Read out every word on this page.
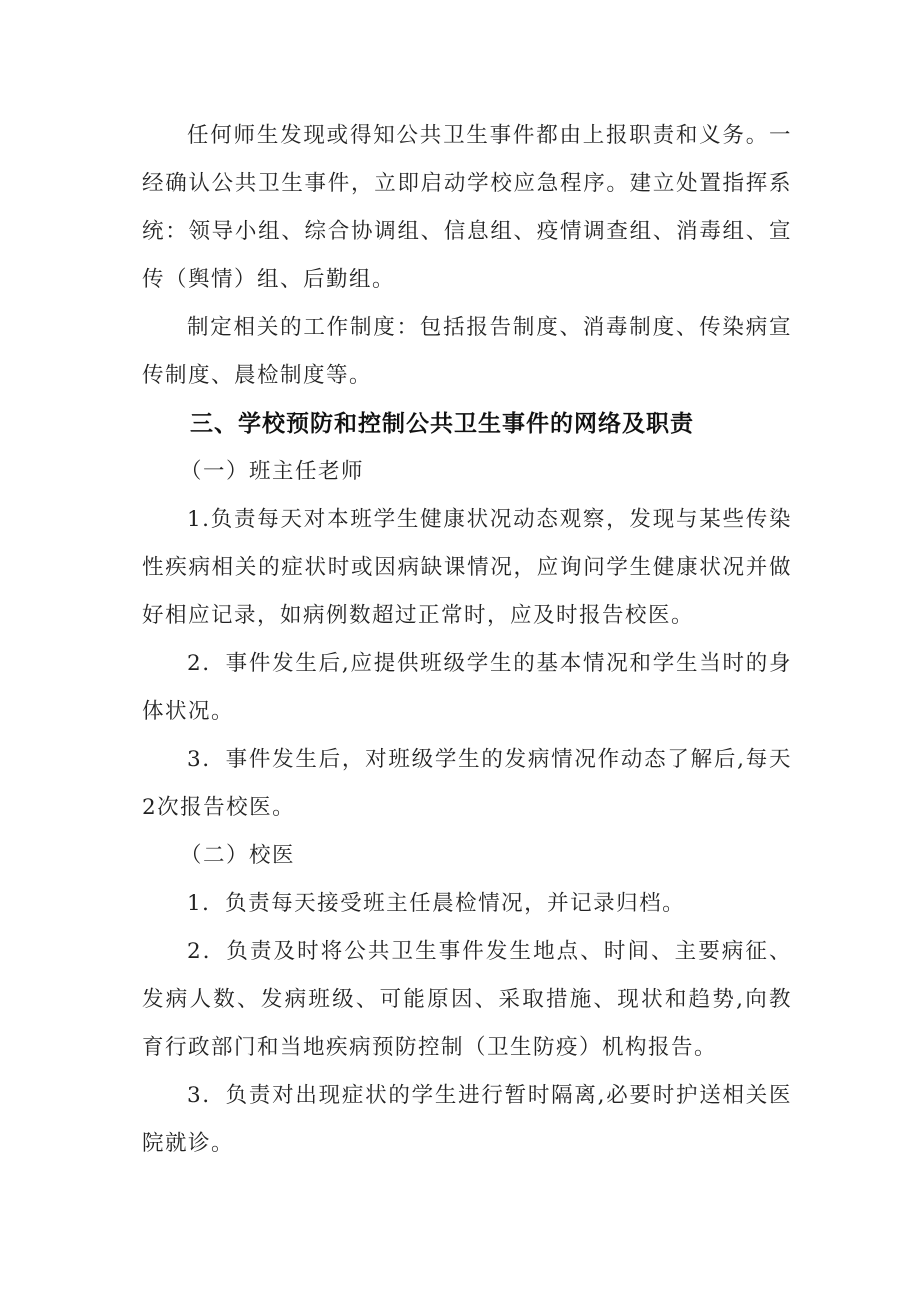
任何师生发现或得知公共卫生事件都由上报职责和义务。一经确认公共卫生事件，立即启动学校应急程序。建立处置指挥系统：领导小组、综合协调组、信息组、疫情调查组、消毒组、宣传（舆情）组、后勤组。

制定相关的工作制度：包括报告制度、消毒制度、传染病宣传制度、晨检制度等。

三、学校预防和控制公共卫生事件的网络及职责

（一）班主任老师

1.负责每天对本班学生健康状况动态观察，发现与某些传染性疾病相关的症状时或因病缺课情况，应询问学生健康状况并做好相应记录，如病例数超过正常时，应及时报告校医。

2．事件发生后,应提供班级学生的基本情况和学生当时的身体状况。

3．事件发生后，对班级学生的发病情况作动态了解后,每天2次报告校医。

（二）校医

1．负责每天接受班主任晨检情况，并记录归档。

2．负责及时将公共卫生事件发生地点、时间、主要病征、发病人数、发病班级、可能原因、采取措施、现状和趋势,向教育行政部门和当地疾病预防控制（卫生防疫）机构报告。

3．负责对出现症状的学生进行暂时隔离,必要时护送相关医院就诊。
